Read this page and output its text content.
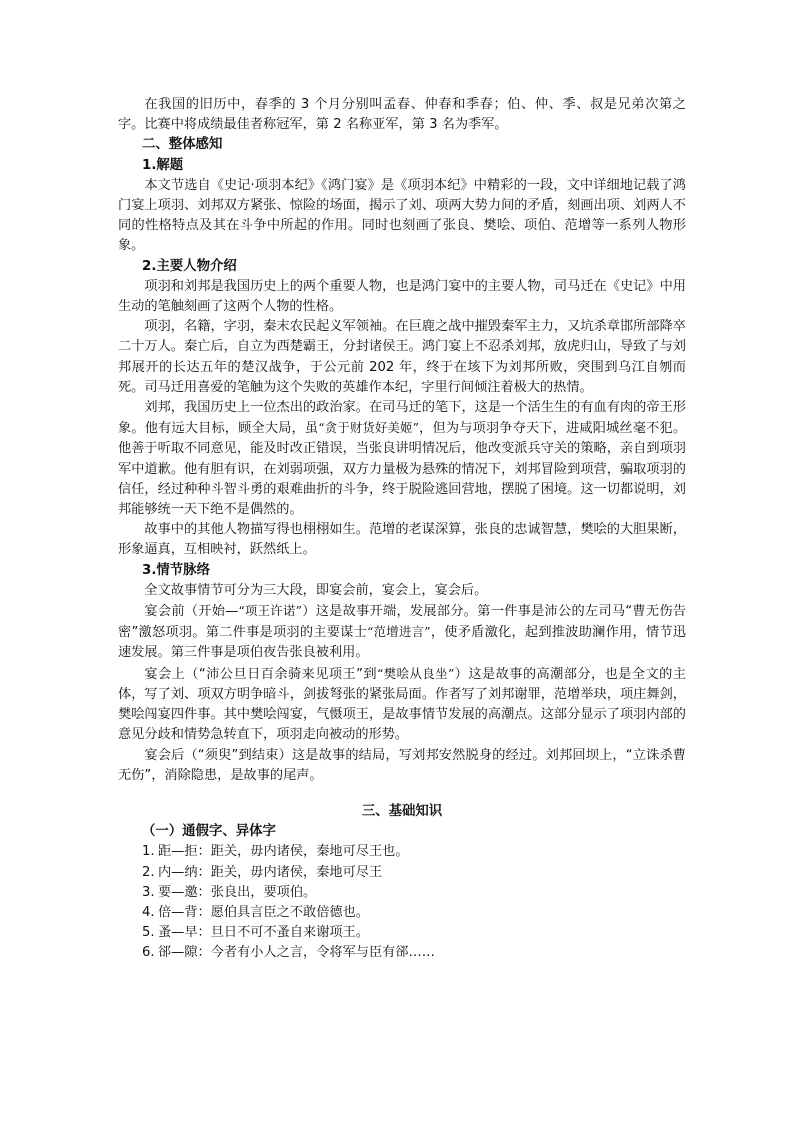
在我国的旧历中，春季的 3 个月分别叫孟春、仲春和季春；伯、仲、季、叔是兄弟次第之字。比赛中将成绩最佳者称冠军，第 2 名称亚军，第 3 名为季军。

二、整体感知

1.解题

本文节选自《史记·项羽本纪》《鸿门宴》是《项羽本纪》中精彩的一段，文中详细地记载了鸿门宴上项羽、刘邦双方紧张、惊险的场面，揭示了刘、项两大势力间的矛盾，刻画出项、刘两人不同的性格特点及其在斗争中所起的作用。同时也刻画了张良、樊哙、项伯、范增等一系列人物形象。

2.主要人物介绍

项羽和刘邦是我国历史上的两个重要人物，也是鸿门宴中的主要人物，司马迁在《史记》中用生动的笔触刻画了这两个人物的性格。

项羽，名籍，字羽，秦末农民起义军领袖。在巨鹿之战中摧毁秦军主力，又坑杀章邯所部降卒二十万人。秦亡后，自立为西楚霸王，分封诸侯王。鸿门宴上不忍杀刘邦，放虎归山，导致了与刘邦展开的长达五年的楚汉战争，于公元前 202 年，终于在垓下为刘邦所败，突围到乌江自刎而死。司马迁用喜爱的笔触为这个失败的英雄作本纪，字里行间倾注着极大的热情。

刘邦，我国历史上一位杰出的政治家。在司马迁的笔下，这是一个活生生的有血有肉的帝王形象。他有远大目标，顾全大局，虽“贪于财货好美姬”，但为与项羽争夺天下，进咸阳城丝毫不犯。他善于听取不同意见，能及时改正错误，当张良讲明情况后，他改变派兵守关的策略，亲自到项羽军中道歉。他有胆有识，在刘弱项强，双方力量极为悬殊的情况下，刘邦冒险到项营，骗取项羽的信任，经过种种斗智斗勇的艰难曲折的斗争，终于脱险逃回营地，摆脱了困境。这一切都说明，刘邦能够统一天下绝不是偶然的。

故事中的其他人物描写得也栩栩如生。范增的老谋深算，张良的忠诚智慧，樊哙的大胆果断，形象逼真，互相映衬，跃然纸上。

3.情节脉络

全文故事情节可分为三大段，即宴会前，宴会上，宴会后。

宴会前（开始—“项王许诺”）这是故事开端，发展部分。第一件事是沛公的左司马“曹无伤告密”激怒项羽。第二件事是项羽的主要谋士“范增进言”，使矛盾激化，起到推波助澜作用，情节迅速发展。第三件事是项伯夜告张良被利用。

宴会上（“沛公旦日百余骑来见项王”到“樊哙从良坐”）这是故事的高潮部分，也是全文的主体，写了刘、项双方明争暗斗，剑拔弩张的紧张局面。作者写了刘邦谢罪，范增举玦，项庄舞剑，樊哙闯宴四件事。其中樊哙闯宴，气慑项王，是故事情节发展的高潮点。这部分显示了项羽内部的意见分歧和情势急转直下，项羽走向被动的形势。

宴会后（“须臾”到结束）这是故事的结局，写刘邦安然脱身的经过。刘邦回坝上，“立诛杀曹无伤”，消除隐患，是故事的尾声。

三、基础知识

（一）通假字、异体字

1. 距—拒：距关，毋内诸侯，秦地可尽王也。
2. 内—纳：距关，毋内诸侯，秦地可尽王
3. 要—邀：张良出，要项伯。
4. 倍—背：愿伯具言臣之不敢倍德也。
5. 蚤—早：旦日不可不蚤自来谢项王。
6. 郤—隙：今者有小人之言，令将军与臣有郤……
